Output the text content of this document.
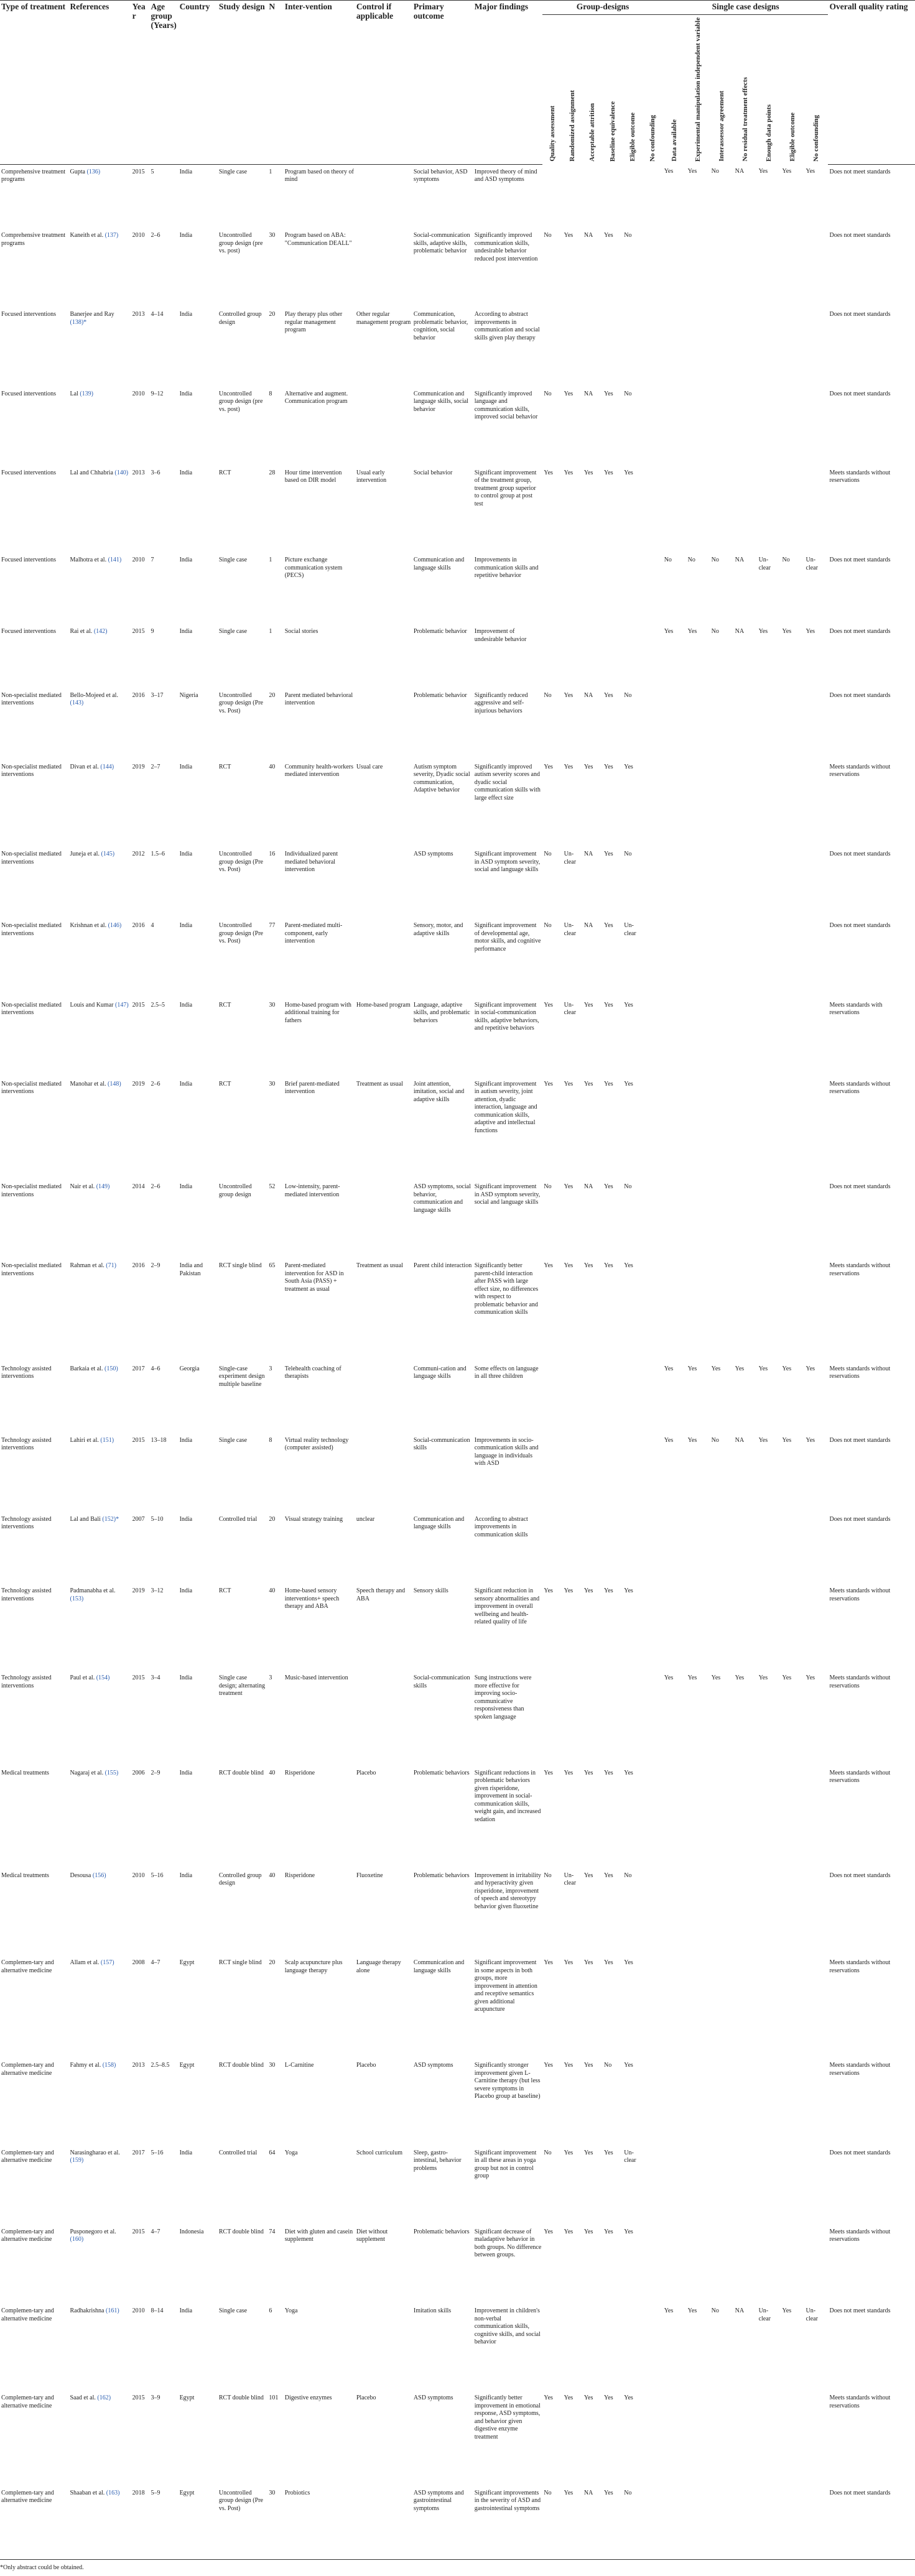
Type of treatment	References	Year	Age group (Years)	Country	Study design	N	Inter-vention	Control if applicable	Primary outcome	Major findings	Group-designs						Single case designs							Overall quality rating

											Quality assessment	Randomized assignment	Acceptable attrition	Baseline equivalence	Eligible outcome	No confounding	Data available	Experimental manipulation independent variable	Interassessor agreement	No residual treatment effects	Enough data points	Eligible outcome	No confounding	

Comprehensive treatment programs	Gupta (136)	2015	5	India	Single case	1	Program based on theory of mind		Social behavior, ASD symptoms	Improved theory of mind and ASD symptoms							Yes	Yes	No	NA	Yes	Yes	Yes	Does not meet standards
Comprehensive treatment programs	Kaneith et al. (137)	2010	2–6	India	Uncontrolled group design (pre vs. post)	30	Program based on ABA: "Communication DEALL"		Social-communication skills, adaptive skills, problematic behavior	Significantly improved communication skills, undesirable behavior reduced post intervention	No	Yes	NA	Yes	No									Does not meet standards
Focused interventions	Banerjee and Ray (138)*	2013	4–14	India	Controlled group design	20	Play therapy plus other regular management program	Other regular management program	Communication, problematic behavior, cognition, social behavior	According to abstract improvements in communication and social skills given play therapy														Does not meet standards
Focused interventions	Lal (139)	2010	9–12	India	Uncontrolled group design (pre vs. post)	8	Alternative and augment. Communication program		Communication and language skills, social behavior	Significantly improved language and communication skills, improved social behavior	No	Yes	NA	Yes	No									Does not meet standards
Focused interventions	Lal and Chhabria (140)	2013	3–6	India	RCT	28	Hour time intervention based on DIR model	Usual early intervention	Social behavior	Significant improvement of the treatment group, treatment group superior to control group at post test	Yes	Yes	Yes	Yes	Yes									Meets standards without reservations
Focused interventions	Malhotra et al. (141)	2010	7	India	Single case	1	Picture exchange communication system (PECS)		Communication and language skills	Improvements in communication skills and repetitive behavior							No	No	No	NA	Un-clear	No	Un-clear	Does not meet standards
Focused interventions	Rai et al. (142)	2015	9	India	Single case	1	Social stories		Problematic behavior	Improvement of undesirable behavior							Yes	Yes	No	NA	Yes	Yes	Yes	Does not meet standards
Non-specialist mediated interventions	Bello-Mojeed et al. (143)	2016	3–17	Nigeria	Uncontrolled group design (Pre vs. Post)	20	Parent mediated behavioral intervention		Problematic behavior	Significantly reduced aggressive and self-injurious behaviors	No	Yes	NA	Yes	No									Does not meet standards
Non-specialist mediated interventions	Divan et al. (144)	2019	2–7	India	RCT	40	Community health-workers mediated intervention	Usual care	Autism symptom severity, Dyadic social communication, Adaptive behavior	Significantly improved autism severity scores and dyadic social communication skills with large effect size	Yes	Yes	Yes	Yes	Yes									Meets standards without reservations
Non-specialist mediated interventions	Juneja et al. (145)	2012	1.5–6	India	Uncontrolled group design (Pre vs. Post)	16	Individualized parent mediated behavioral intervention		ASD symptoms	Significant improvement in ASD symptom severity, social and language skills	No	Un-clear	NA	Yes	No									Does not meet standards
Non-specialist mediated interventions	Krishnan et al. (146)	2016	4	India	Uncontrolled group design (Pre vs. Post)	77	Parent-mediated multi-component, early intervention		Sensory, motor, and adaptive skills	Significant improvement of developmental age, motor skills, and cognitive performance	No	Un-clear	NA	Yes	Un-clear									Does not meet standards
Non-specialist mediated interventions	Louis and Kumar (147)	2015	2.5–5	India	RCT	30	Home-based program with additional training for fathers	Home-based program	Language, adaptive skills, and problematic behaviors	Significant improvement in social-communication skills, adaptive behaviors, and repetitive behaviors	Yes	Un-clear	Yes	Yes	Yes									Meets standards with reservations
Non-specialist mediated interventions	Manohar et al. (148)	2019	2–6	India	RCT	30	Brief parent-mediated intervention	Treatment as usual	Joint attention, imitation, social and adaptive skills	Significant improvement in autism severity, joint attention, dyadic interaction, language and communication skills, adaptive and intellectual functions	Yes	Yes	Yes	Yes	Yes									Meets standards without reservations
Non-specialist mediated interventions	Nair et al. (149)	2014	2–6	India	Uncontrolled group design	52	Low-intensity, parent-mediated intervention		ASD symptoms, social behavior, communication and language skills	Significant improvement in ASD symptom severity, social and language skills	No	Yes	NA	Yes	No									Does not meet standards
Non-specialist mediated interventions	Rahman et al. (71)	2016	2–9	India and Pakistan	RCT single blind	65	Parent-mediated intervention for ASD in South Asia (PASS) + treatment as usual	Treatment as usual	Parent child interaction	Significantly better parent-child interaction after PASS with large effect size, no differences with respect to problematic behavior and communication skills	Yes	Yes	Yes	Yes	Yes									Meets standards without reservations
Technology assisted interventions	Barkaia et al. (150)	2017	4–6	Georgia	Single-case experiment design multiple baseline	3	Telehealth coaching of therapists		Communi-cation and language skills	Some effects on language in all three children							Yes	Yes	Yes	Yes	Yes	Yes	Yes	Meets standards without reservations
Technology assisted interventions	Lahiri et al. (151)	2015	13–18	India	Single case	8	Virtual reality technology (computer assisted)		Social-communication skills	Improvements in socio-communication skills and language in individuals with ASD							Yes	Yes	No	NA	Yes	Yes	Yes	Does not meet standards
Technology assisted interventions	Lal and Bali (152)*	2007	5–10	India	Controlled trial	20	Visual strategy training	unclear	Communication and language skills	According to abstract improvements in communication skills														Does not meet standards
Technology assisted interventions	Padmanabha et al. (153)	2019	3–12	India	RCT	40	Home-based sensory interventions+ speech therapy and ABA	Speech therapy and ABA	Sensory skills	Significant reduction in sensory abnormalities and improvement in overall wellbeing and health-related quality of life	Yes	Yes	Yes	Yes	Yes									Meets standards without reservations
Technology assisted interventions	Paul et al. (154)	2015	3–4	India	Single case design; alternating treatment	3	Music-based intervention		Social-communication skills	Sung instructions were more effective for improving socio-communicative responsiveness than spoken language							Yes	Yes	Yes	Yes	Yes	Yes	Yes	Meets standards without reservations
Medical treatments	Nagaraj et al. (155)	2006	2–9	India	RCT double blind	40	Risperidone	Placebo	Problematic behaviors	Significant reductions in problematic behaviors given risperidone, improvement in social-communication skills, weight gain, and increased sedation	Yes	Yes	Yes	Yes	Yes									Meets standards without reservations
Medical treatments	Desousa (156)	2010	5–16	India	Controlled group design	40	Risperidone	Fluoxetine	Problematic behaviors	Improvement in irritability and hyperactivity given risperidone, improvement of speech and stereotypy behavior given fluoxetine	No	Un-clear	Yes	Yes	No									Does not meet standards
Complemen-tary and alternative medicine	Allam et al. (157)	2008	4–7	Egypt	RCT single blind	20	Scalp acupuncture plus language therapy	Language therapy alone	Communication and language skills	Significant improvement in some aspects in both groups, more improvement in attention and receptive semantics given additional acupuncture	Yes	Yes	Yes	Yes	Yes									Meets standards without reservations
Complemen-tary and alternative medicine	Fahmy et al. (158)	2013	2.5–8.5	Egypt	RCT double blind	30	L-Carnitine	Placebo	ASD symptoms	Significantly stronger improvement given L-Carnitine therapy (but less severe symptoms in Placebo group at baseline)	Yes	Yes	Yes	No	Yes									Meets standards without reservations
Complemen-tary and alternative medicine	Narasingharao et al. (159)	2017	5–16	India	Controlled trial	64	Yoga	School curriculum	Sleep, gastro-intestinal, behavior problems	Significant improvement in all these areas in yoga group but not in control group	No	Yes	Yes	Yes	Un-clear									Does not meet standards
Complemen-tary and alternative medicine	Pusponegoro et al. (160)	2015	4–7	Indonesia	RCT double blind	74	Diet with gluten and casein supplement	Diet without supplement	Problematic behaviors	Significant decrease of maladaptive behavior in both groups. No difference between groups.	Yes	Yes	Yes	Yes	Yes									Meets standards without reservations
Complemen-tary and alternative medicine	Radhakrishna (161)	2010	8–14	India	Single case	6	Yoga		Imitation skills	Improvement in children's non-verbal communication skills, cognitive skills, and social behavior							Yes	Yes	No	NA	Un-clear	Yes	Un-clear	Does not meet standards
Complemen-tary and alternative medicine	Saad et al. (162)	2015	3–9	Egypt	RCT double blind	101	Digestive enzymes	Placebo	ASD symptoms	Significantly better improvement in emotional response, ASD symptoms, and behavior given digestive enzyme treatment	Yes	Yes	Yes	Yes	Yes									Meets standards without reservations
Complemen-tary and alternative medicine	Shaaban et al. (163)	2018	5–9	Egypt	Uncontrolled group design (Pre vs. Post)	30	Probiotics		ASD symptoms and gastrointestinal symptoms	Significant improvements in the severity of ASD and gastrointestinal symptoms	No	Yes	NA	Yes	No									Does not meet standards
*Only abstract could be obtained.
